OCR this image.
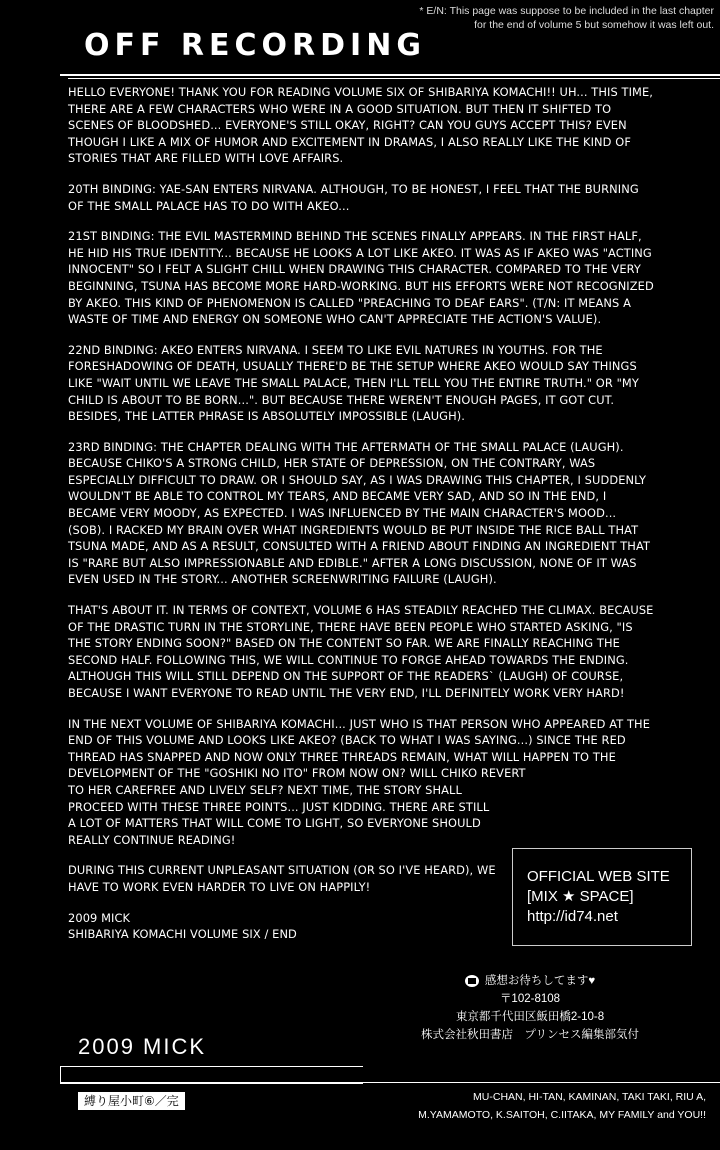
* E/N: This page was suppose to be included in the last chapter
for the end of volume 5 but somehow it was left out.
OFF RECORDING

HELLO EVERYONE! THANK YOU FOR READING VOLUME SIX OF SHIBARIYA KOMACHI!! UH... THIS TIME, THERE ARE A FEW CHARACTERS WHO WERE IN A GOOD SITUATION. BUT THEN IT SHIFTED TO SCENES OF BLOODSHED... EVERYONE'S STILL OKAY, RIGHT? CAN YOU GUYS ACCEPT THIS? EVEN THOUGH I LIKE A MIX OF HUMOR AND EXCITEMENT IN DRAMAS, I ALSO REALLY LIKE THE KIND OF STORIES THAT ARE FILLED WITH LOVE AFFAIRS.

20TH BINDING: YAE-SAN ENTERS NIRVANA. ALTHOUGH, TO BE HONEST, I FEEL THAT THE BURNING OF THE SMALL PALACE HAS TO DO WITH AKEO...

21ST BINDING: THE EVIL MASTERMIND BEHIND THE SCENES FINALLY APPEARS. IN THE FIRST HALF, HE HID HIS TRUE IDENTITY... BECAUSE HE LOOKS A LOT LIKE AKEO. IT WAS AS IF AKEO WAS "ACTING INNOCENT" SO I FELT A SLIGHT CHILL WHEN DRAWING THIS CHARACTER. COMPARED TO THE VERY BEGINNING, TSUNA HAS BECOME MORE HARD-WORKING. BUT HIS EFFORTS WERE NOT RECOGNIZED BY AKEO. THIS KIND OF PHENOMENON IS CALLED "PREACHING TO DEAF EARS". (T/N: IT MEANS A WASTE OF TIME AND ENERGY ON SOMEONE WHO CAN'T APPRECIATE THE ACTION'S VALUE).

22ND BINDING: AKEO ENTERS NIRVANA. I SEEM TO LIKE EVIL NATURES IN YOUTHS. FOR THE FORESHADOWING OF DEATH, USUALLY THERE'D BE THE SETUP WHERE AKEO WOULD SAY THINGS LIKE "WAIT UNTIL WE LEAVE THE SMALL PALACE, THEN I'LL TELL YOU THE ENTIRE TRUTH." OR "MY CHILD IS ABOUT TO BE BORN...". BUT BECAUSE THERE WEREN'T ENOUGH PAGES, IT GOT CUT. BESIDES, THE LATTER PHRASE IS ABSOLUTELY IMPOSSIBLE (LAUGH).

23RD BINDING: THE CHAPTER DEALING WITH THE AFTERMATH OF THE SMALL PALACE (LAUGH). BECAUSE CHIKO'S A STRONG CHILD, HER STATE OF DEPRESSION, ON THE CONTRARY, WAS ESPECIALLY DIFFICULT TO DRAW. OR I SHOULD SAY, AS I WAS DRAWING THIS CHAPTER, I SUDDENLY WOULDN'T BE ABLE TO CONTROL MY TEARS, AND BECAME VERY SAD, AND SO IN THE END, I BECAME VERY MOODY, AS EXPECTED. I WAS INFLUENCED BY THE MAIN CHARACTER'S MOOD... (SOB). I RACKED MY BRAIN OVER WHAT INGREDIENTS WOULD BE PUT INSIDE THE RICE BALL THAT TSUNA MADE, AND AS A RESULT, CONSULTED WITH A FRIEND ABOUT FINDING AN INGREDIENT THAT IS "RARE BUT ALSO IMPRESSIONABLE AND EDIBLE." AFTER A LONG DISCUSSION, NONE OF IT WAS EVEN USED IN THE STORY... ANOTHER SCREENWRITING FAILURE (LAUGH).

THAT'S ABOUT IT. IN TERMS OF CONTEXT, VOLUME 6 HAS STEADILY REACHED THE CLIMAX. BECAUSE OF THE DRASTIC TURN IN THE STORYLINE, THERE HAVE BEEN PEOPLE WHO STARTED ASKING, "IS THE STORY ENDING SOON?" BASED ON THE CONTENT SO FAR. WE ARE FINALLY REACHING THE SECOND HALF. FOLLOWING THIS, WE WILL CONTINUE TO FORGE AHEAD TOWARDS THE ENDING. ALTHOUGH THIS WILL STILL DEPEND ON THE SUPPORT OF THE READERS` (LAUGH) OF COURSE, BECAUSE I WANT EVERYONE TO READ UNTIL THE VERY END, I'LL DEFINITELY WORK VERY HARD!

IN THE NEXT VOLUME OF SHIBARIYA KOMACHI... JUST WHO IS THAT PERSON WHO APPEARED AT THE END OF THIS VOLUME AND LOOKS LIKE AKEO? (BACK TO WHAT I WAS SAYING...) SINCE THE RED THREAD HAS SNAPPED AND NOW ONLY THREE THREADS REMAIN, WHAT WILL HAPPEN TO THE DEVELOPMENT OF THE "GOSHIKI NO ITO" FROM NOW ON? WILL CHIKO REVERT

TO HER CAREFREE AND LIVELY SELF? NEXT TIME, THE STORY SHALL PROCEED WITH THESE THREE POINTS... JUST KIDDING. THERE ARE STILL A LOT OF MATTERS THAT WILL COME TO LIGHT, SO EVERYONE SHOULD REALLY CONTINUE READING!

DURING THIS CURRENT UNPLEASANT SITUATION (OR SO I'VE HEARD), WE HAVE TO WORK EVEN HARDER TO LIVE ON HAPPILY!

2009 MICK

SHIBARIYA KOMACHI VOLUME SIX / END

OFFICIAL WEB SITE
[MIX ★ SPACE]
http://id74.net
感想お待ちしてます♥
〒102-8108
東京都千代田区飯田橋2-10-8
株式会社秋田書店　プリンセス編集部気付
2009 MICK
縛り屋小町⑥／完	MU-CHAN, HI-TAN, KAMINAN, TAKI TAKI, RIU A,
M.YAMAMOTO, K.SAITOH, C.IITAKA, MY FAMILY and YOU!!
